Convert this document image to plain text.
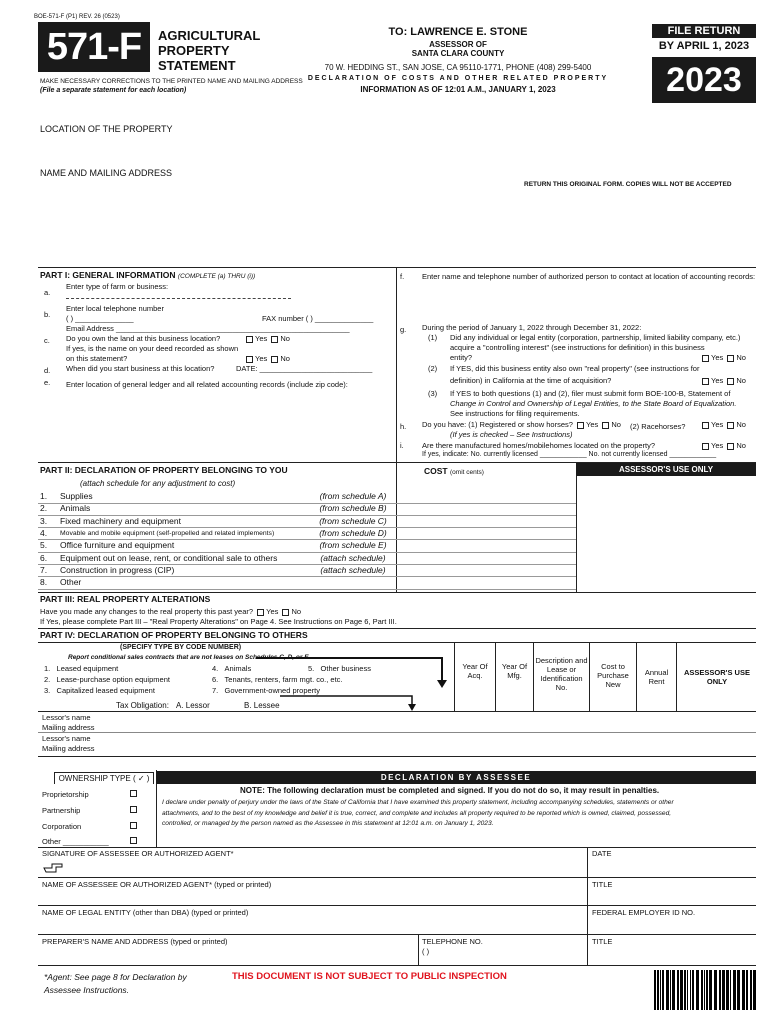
BOE-571-F (P1) REV. 26 (0523)
571-F	AGRICULTURAL
PROPERTY
STATEMENT
MAKE NECESSARY CORRECTIONS TO THE PRINTED NAME AND MAILING ADDRESS
(File a separate statement for each location)
TO: LAWRENCE E. STONE
ASSESSOR OF
SANTA CLARA COUNTY
70 W. HEDDING ST., SAN JOSE, CA 95110-1771, PHONE (408) 299-5400
DECLARATION OF COSTS AND OTHER RELATED PROPERTY
INFORMATION AS OF 12:01 A.M., JANUARY 1, 2023
FILE RETURN
BY APRIL 1, 2023
2023
LOCATION OF THE PROPERTY
NAME AND MAILING ADDRESS
RETURN THIS ORIGINAL FORM. COPIES WILL NOT BE ACCEPTED
PART I: GENERAL INFORMATION (COMPLETE (a) THRU (i))
a.
Enter type of farm or business:
b.
Enter local telephone number
( ) ______________	FAX number ( ) ______________
Email Address ________________________________________________________
c. Do you own the land at this business location?	Yes No
If yes, is the name on your deed recorded as shown
on this statement?	Yes No
d. When did you start business at this location?	DATE: ___________________________
e. Enter location of general ledger and all related accounting records (include zip code):
f. Enter name and telephone number of authorized person to contact at location of accounting records:
g. During the period of January 1, 2022 through December 31, 2022:
(1) Did any individual or legal entity (corporation, partnership, limited liability company, etc.)
acquire a "controlling interest" (see instructions for definition) in this business
entity?	Yes No
(2) If YES, did this business entity also own "real property" (see instructions for
definition) in California at the time of acquisition?	Yes No
(3) If YES to both questions (1) and (2), filer must submit form BOE-100-B, Statement of
Change in Control and Ownership of Legal Entities, to the State Board of Equalization.
See instructions for filing requirements.
h. Do you have: (1) Registered or show horses? Yes No (2) Racehorses?	Yes No
(If yes is checked – See Instructions)
i. Are there manufactured homes/mobilehomes located on the property?	Yes No
If yes, indicate: No. currently licensed ____________ No. not currently licensed ____________
PART II: DECLARATION OF PROPERTY BELONGING TO YOU
(attach schedule for any adjustment to cost)
COST (omit cents)	ASSESSOR'S USE ONLY
1.	Supplies	(from schedule A)
2.	Animals	(from schedule B)
3.	Fixed machinery and equipment	(from schedule C)
4.	Movable and mobile equipment (self-propelled and related implements)	(from schedule D)
5.	Office furniture and equipment	(from schedule E)
6.	Equipment out on lease, rent, or conditional sale to others	(attach schedule)
7.	Construction in progress (CIP)	(attach schedule)
8.	Other
PART III: REAL PROPERTY ALTERATIONS
Have you made any changes to the real property this past year? Yes No
If Yes, please complete Part III – "Real Property Alterations" on Page 4. See Instructions on Page 6, Part III.
PART IV: DECLARATION OF PROPERTY BELONGING TO OTHERS
(SPECIFY TYPE BY CODE NUMBER)
Report conditional sales contracts that are not leases on Schedules C, D, or E
1. Leased equipment
2. Lease-purchase option equipment
3. Capitalized leased equipment
4. Animals	5. Other business
6. Tenants, renters, farm mgt. co., etc.
7. Government-owned property
Tax Obligation: A. Lessor	B. Lessee
Year Of Acq.
Year Of Mfg.
Description and Lease or Identification No.
Cost to Purchase New
Annual Rent
ASSESSOR'S USE ONLY
Lessor's name
Mailing address
Lessor's name
Mailing address
OWNERSHIP TYPE ( ✓ )
Proprietorship
Partnership
Corporation
Other ___________
DECLARATION BY ASSESSEE
NOTE: The following declaration must be completed and signed. If you do not do so, it may result in penalties.
I declare under penalty of perjury under the laws of the State of California that I have examined this property statement, including accompanying schedules, statements or other
attachments, and to the best of my knowledge and belief it is true, correct, and complete and includes all property required to be reported which is owned, claimed, possessed,
controlled, or managed by the person named as the Assessee in this statement at 12:01 a.m. on January 1, 2023.
SIGNATURE OF ASSESSEE OR AUTHORIZED AGENT*	DATE
NAME OF ASSESSEE OR AUTHORIZED AGENT* (typed or printed)	TITLE
NAME OF LEGAL ENTITY (other than DBA) (typed or printed)	FEDERAL EMPLOYER ID NO.
PREPARER'S NAME AND ADDRESS (typed or printed)	TELEPHONE NO.
( )
TITLE
*Agent: See page 8 for Declaration by
Assessee Instructions.
THIS DOCUMENT IS NOT SUBJECT TO PUBLIC INSPECTION
